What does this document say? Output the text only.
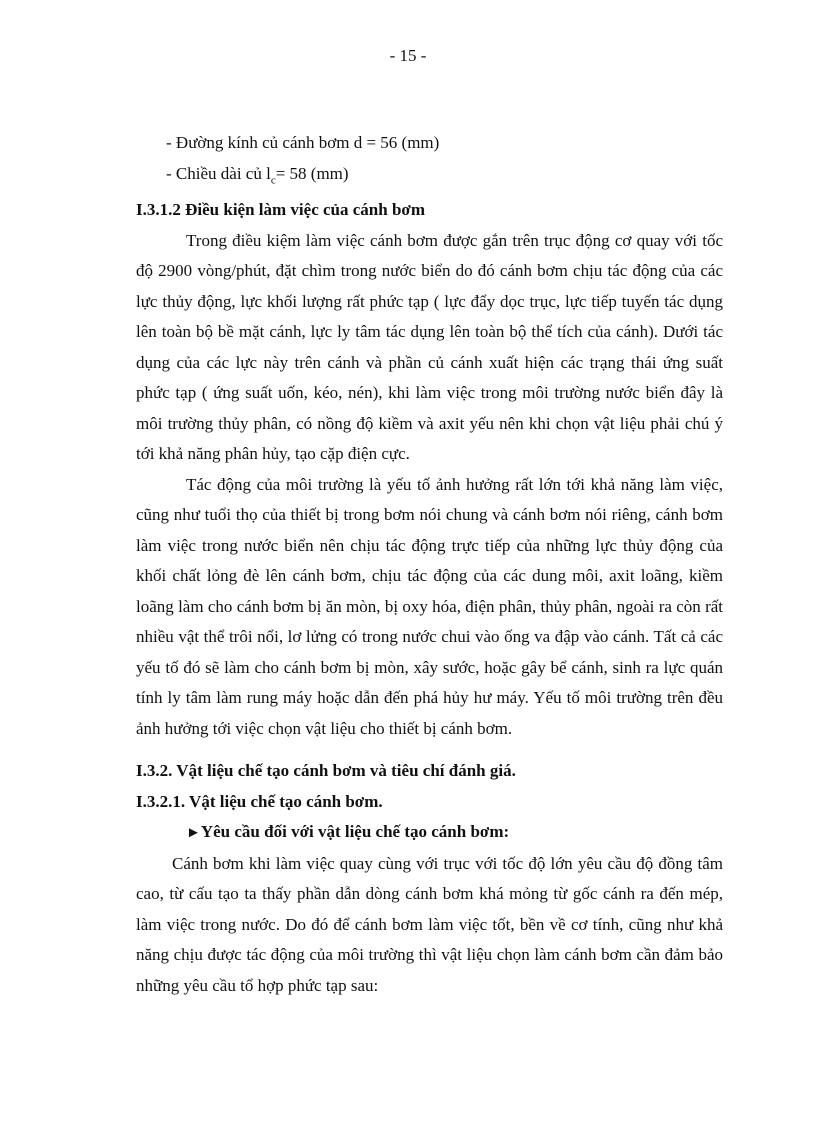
- 15 -

- Đường kính củ cánh bơm d = 56 (mm)

- Chiều dài củ $l_c= 58$ (mm)

I.3.1.2 Điều kiện làm việc của cánh bơm

Trong điều kiệm làm việc cánh bơm được gắn trên trục động cơ quay với tốc độ 2900 vòng/phút, đặt chìm trong nước biển do đó cánh bơm chịu tác động của các lực thủy động, lực khối lượng rất phức tạp ( lực đẩy dọc trục, lực tiếp tuyến tác dụng lên toàn bộ bề mặt cánh, lực ly tâm tác dụng lên toàn bộ thể tích của cánh). Dưới tác dụng của các lực này trên cánh và phần củ cánh xuất hiện các trạng thái ứng suất phức tạp ( ứng suất uốn, kéo, nén), khi làm việc trong môi trường nước biển đây là môi trường thủy phân, có nồng độ kiềm và axit yếu nên khi chọn vật liệu phải chú ý tới khả năng phân hủy, tạo cặp điện cực.

Tác động của môi trường là yếu tố ảnh hưởng rất lớn tới khả năng làm việc, cũng như tuổi thọ của thiết bị trong bơm nói chung và cánh bơm nói riêng, cánh bơm làm việc trong nước biển nên chịu tác động trực tiếp của những lực thủy động của khối chất lỏng đè lên cánh bơm, chịu tác động của các dung môi, axit loãng, kiềm loãng làm cho cánh bơm bị ăn mòn, bị oxy hóa, điện phân, thủy phân, ngoài ra còn rất nhiều vật thể trôi nổi, lơ lửng có trong nước chui vào ống va đập vào cánh. Tất cả các yếu tố đó sẽ làm cho cánh bơm bị mòn, xây sước, hoặc gây bể cánh, sinh ra lực quán tính ly tâm làm rung máy hoặc dẫn đến phá hủy hư máy. Yếu tố môi trường trên đều ảnh hưởng tới việc chọn vật liệu cho thiết bị cánh bơm.

I.3.2. Vật liệu chế tạo cánh bơm và tiêu chí đánh giá.

I.3.2.1. Vật liệu chế tạo cánh bơm.

►Yêu cầu đối với vật liệu chế tạo cánh bơm:

Cánh bơm khi làm việc quay cùng với trục với tốc độ lớn yêu cầu độ đồng tâm cao, từ cấu tạo ta thấy phần dẫn dòng cánh bơm khá mỏng từ gốc cánh ra đến mép, làm việc trong nước. Do đó để cánh bơm làm việc tốt, bền về cơ tính, cũng như khả năng chịu được tác động của môi trường thì vật liệu chọn làm cánh bơm cần đảm bảo những yêu cầu tổ hợp phức tạp sau:
